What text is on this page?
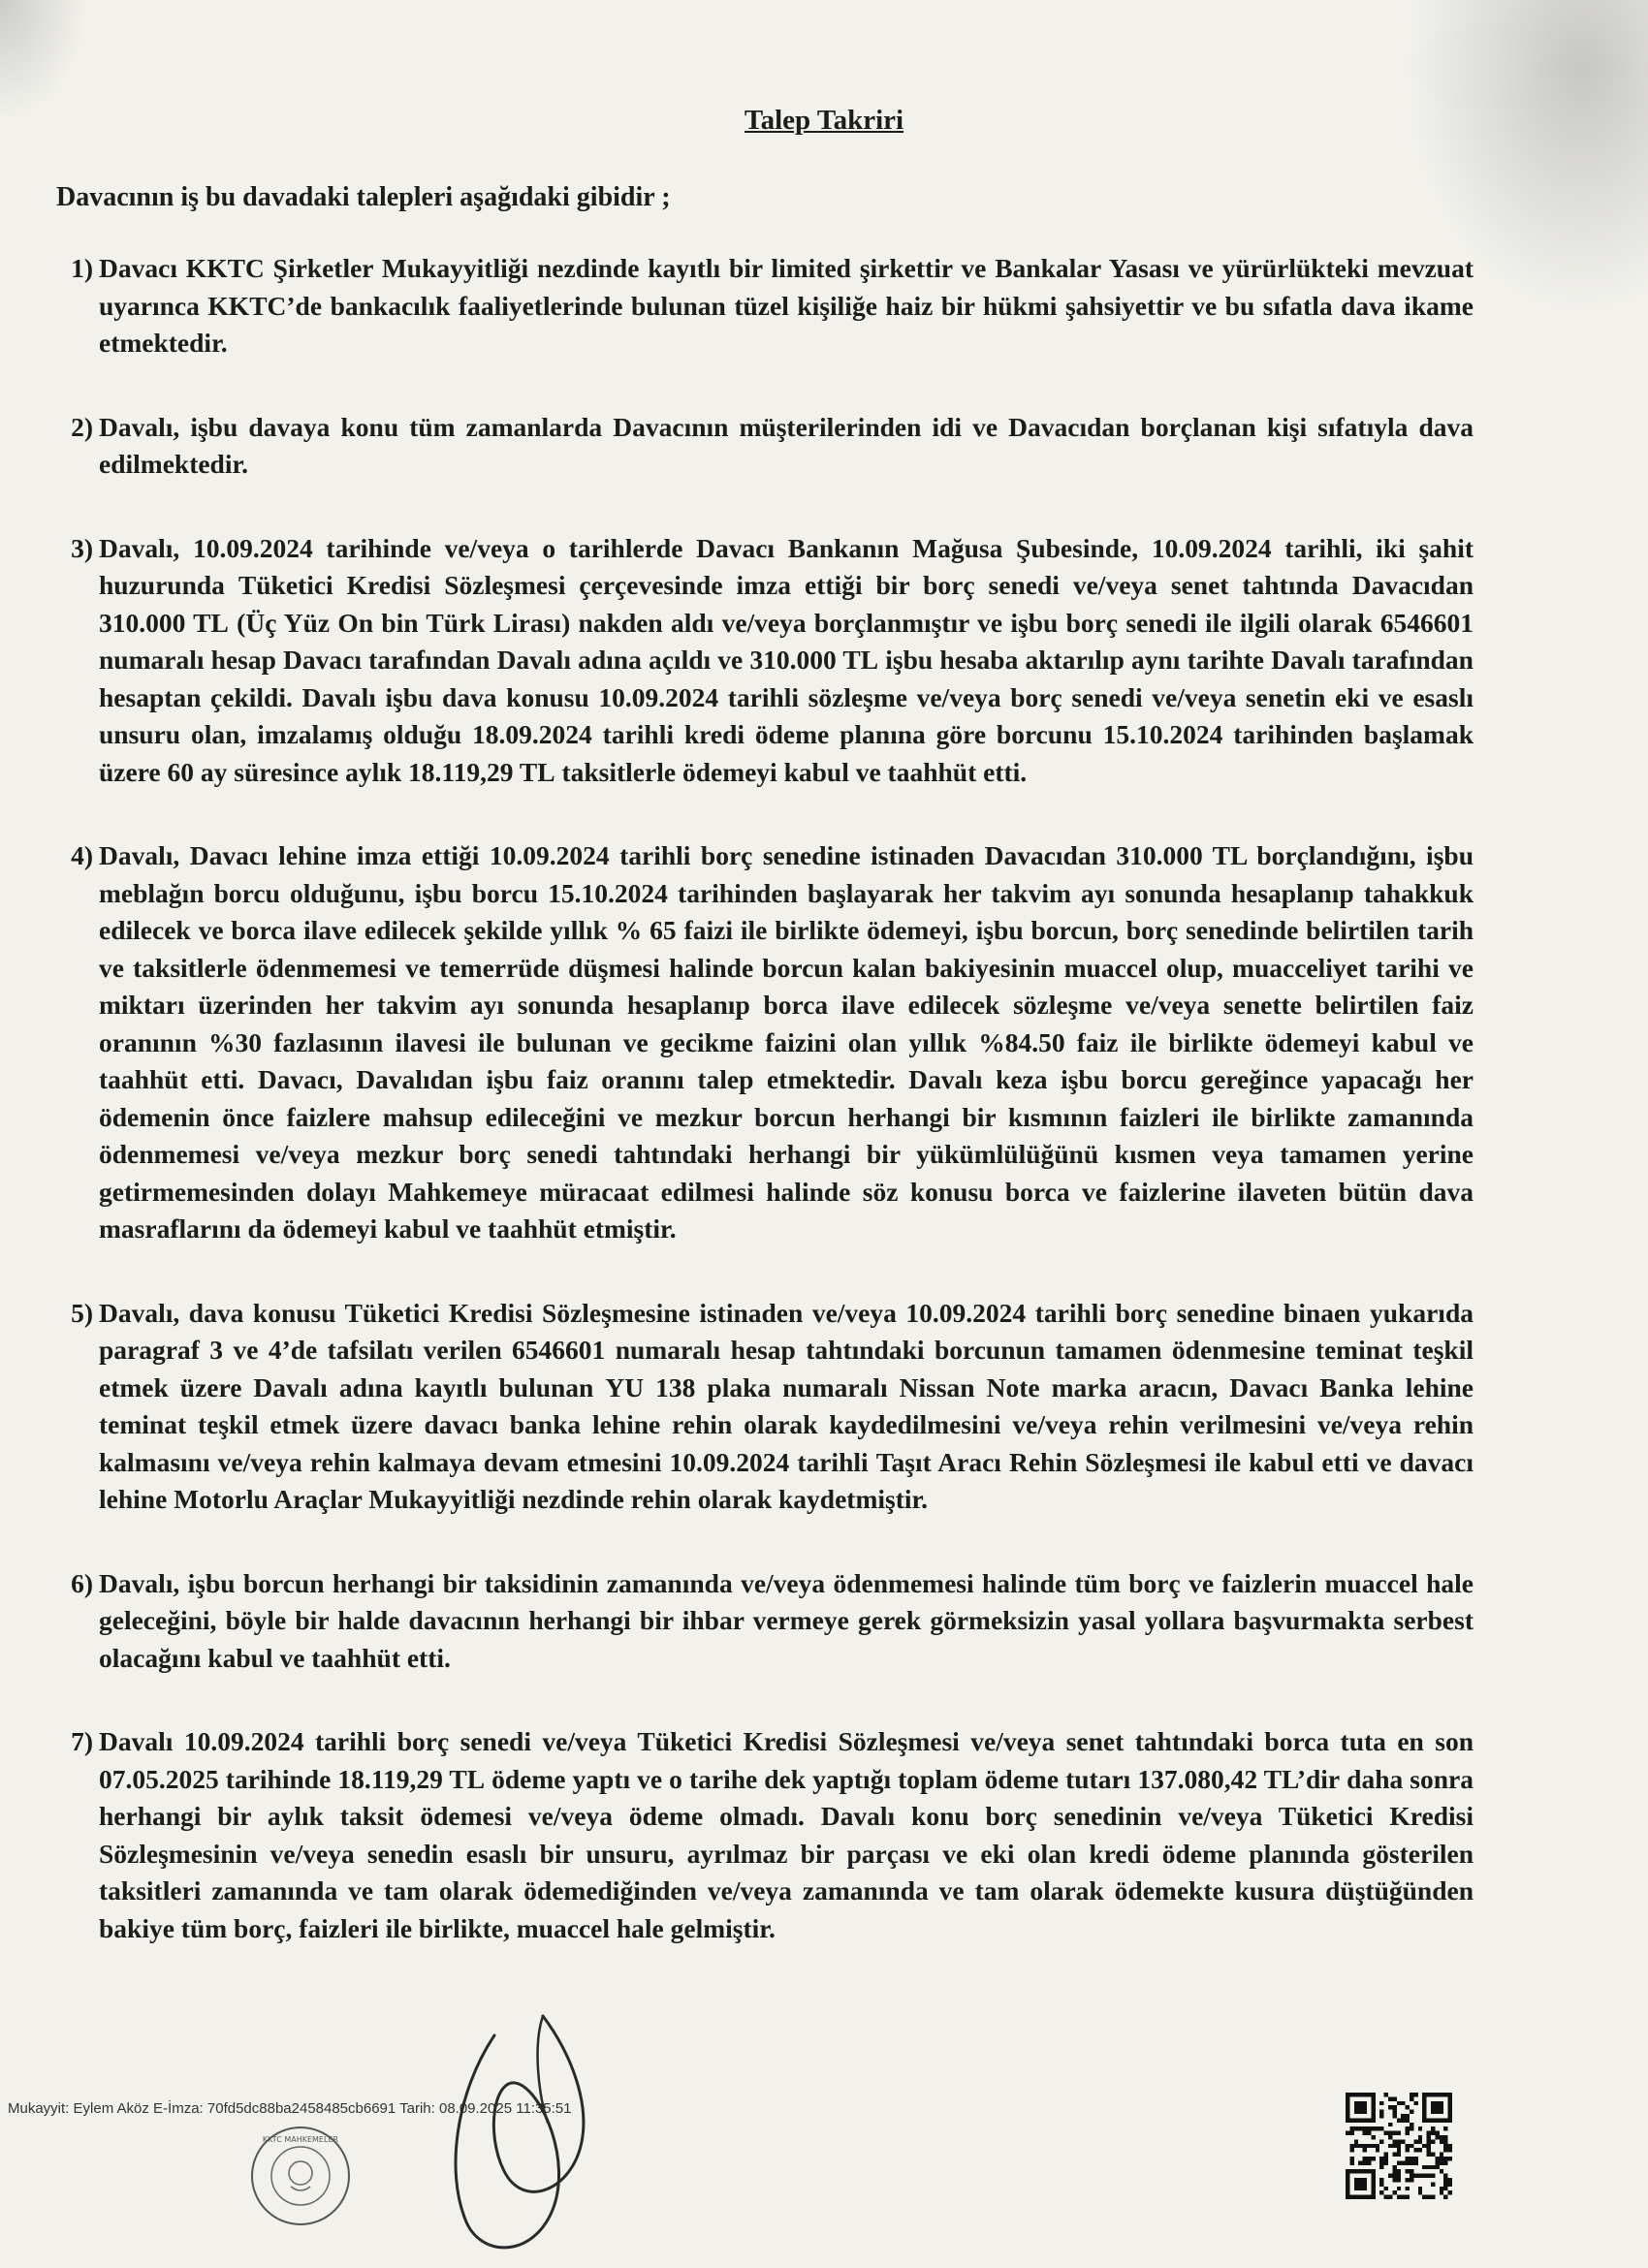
Talep Takriri
Davacının iş bu davadaki talepleri aşağıdaki gibidir ;
1) Davacı KKTC Şirketler Mukayyitliği nezdinde kayıtlı bir limited şirkettir ve Bankalar Yasası ve yürürlükteki mevzuat uyarınca KKTC’de bankacılık faaliyetlerinde bulunan tüzel kişiliğe haiz bir hükmi şahsiyettir ve bu sıfatla dava ikame etmektedir.
2) Davalı, işbu davaya konu tüm zamanlarda Davacının müşterilerinden idi ve Davacıdan borçlanan kişi sıfatıyla dava edilmektedir.
3) Davalı, 10.09.2024 tarihinde ve/veya o tarihlerde Davacı Bankanın Mağusa Şubesinde, 10.09.2024 tarihli, iki şahit huzurunda Tüketici Kredisi Sözleşmesi çerçevesinde imza ettiği bir borç senedi ve/veya senet tahtında Davacıdan 310.000 TL (Üç Yüz On bin Türk Lirası) nakden aldı ve/veya borçlanmıştır ve işbu borç senedi ile ilgili olarak 6546601 numaralı hesap Davacı tarafından Davalı adına açıldı ve 310.000 TL işbu hesaba aktarılıp aynı tarihte Davalı tarafından hesaptan çekildi. Davalı işbu dava konusu 10.09.2024 tarihli sözleşme ve/veya borç senedi ve/veya senetin eki ve esaslı unsuru olan, imzalamış olduğu 18.09.2024 tarihli kredi ödeme planına göre borcunu 15.10.2024 tarihinden başlamak üzere 60 ay süresince aylık 18.119,29 TL taksitlerle ödemeyi kabul ve taahhüt etti.
4) Davalı, Davacı lehine imza ettiği 10.09.2024 tarihli borç senedine istinaden Davacıdan 310.000 TL borçlandığını, işbu meblağın borcu olduğunu, işbu borcu 15.10.2024 tarihinden başlayarak her takvim ayı sonunda hesaplanıp tahakkuk edilecek ve borca ilave edilecek şekilde yıllık % 65 faizi ile birlikte ödemeyi, işbu borcun, borç senedinde belirtilen tarih ve taksitlerle ödenmemesi ve temerrüde düşmesi halinde borcun kalan bakiyesinin muaccel olup, muacceliyet tarihi ve miktarı üzerinden her takvim ayı sonunda hesaplanıp borca ilave edilecek sözleşme ve/veya senette belirtilen faiz oranının %30 fazlasının ilavesi ile bulunan ve gecikme faizini olan yıllık %84.50 faiz ile birlikte ödemeyi kabul ve taahhüt etti. Davacı, Davalıdan işbu faiz oranını talep etmektedir. Davalı keza işbu borcu gereğince yapacağı her ödemenin önce faizlere mahsup edileceğini ve mezkur borcun herhangi bir kısmının faizleri ile birlikte zamanında ödenmemesi ve/veya mezkur borç senedi tahtındaki herhangi bir yükümlülüğünü kısmen veya tamamen yerine getirmemesinden dolayı Mahkemeye müracaat edilmesi halinde söz konusu borca ve faizlerine ilaveten bütün dava masraflarını da ödemeyi kabul ve taahhüt etmiştir.
5) Davalı, dava konusu Tüketici Kredisi Sözleşmesine istinaden ve/veya 10.09.2024 tarihli borç senedine binaen yukarıda paragraf 3 ve 4’de tafsilatı verilen 6546601 numaralı hesap tahtındaki borcunun tamamen ödenmesine teminat teşkil etmek üzere Davalı adına kayıtlı bulunan YU 138 plaka numaralı Nissan Note marka aracın, Davacı Banka lehine teminat teşkil etmek üzere davacı banka lehine rehin olarak kaydedilmesini ve/veya rehin verilmesini ve/veya rehin kalmasını ve/veya rehin kalmaya devam etmesini 10.09.2024 tarihli Taşıt Aracı Rehin Sözleşmesi ile kabul etti ve davacı lehine Motorlu Araçlar Mukayyitliği nezdinde rehin olarak kaydetmiştir.
6) Davalı, işbu borcun herhangi bir taksidinin zamanında ve/veya ödenmemesi halinde tüm borç ve faizlerin muaccel hale geleceğini, böyle bir halde davacının herhangi bir ihbar vermeye gerek görmeksizin yasal yollara başvurmakta serbest olacağını kabul ve taahhüt etti.
7) Davalı 10.09.2024 tarihli borç senedi ve/veya Tüketici Kredisi Sözleşmesi ve/veya senet tahtındaki borca tuta en son 07.05.2025 tarihinde 18.119,29 TL ödeme yaptı ve o tarihe dek yaptığı toplam ödeme tutarı 137.080,42 TL’dir daha sonra herhangi bir aylık taksit ödemesi ve/veya ödeme olmadı. Davalı konu borç senedinin ve/veya Tüketici Kredisi Sözleşmesinin ve/veya senedin esaslı bir unsuru, ayrılmaz bir parçası ve eki olan kredi ödeme planında gösterilen taksitleri zamanında ve tam olarak ödemediğinden ve/veya zamanında ve tam olarak ödemekte kusura düştüğünden bakiye tüm borç, faizleri ile birlikte, muaccel hale gelmiştir.
Mukayyit: Eylem Aköz E-İmza: 70fd5dc88ba2458485cb6691 Tarih: 08.09.2025 11:35:51
KKTC MAHKEMELER
